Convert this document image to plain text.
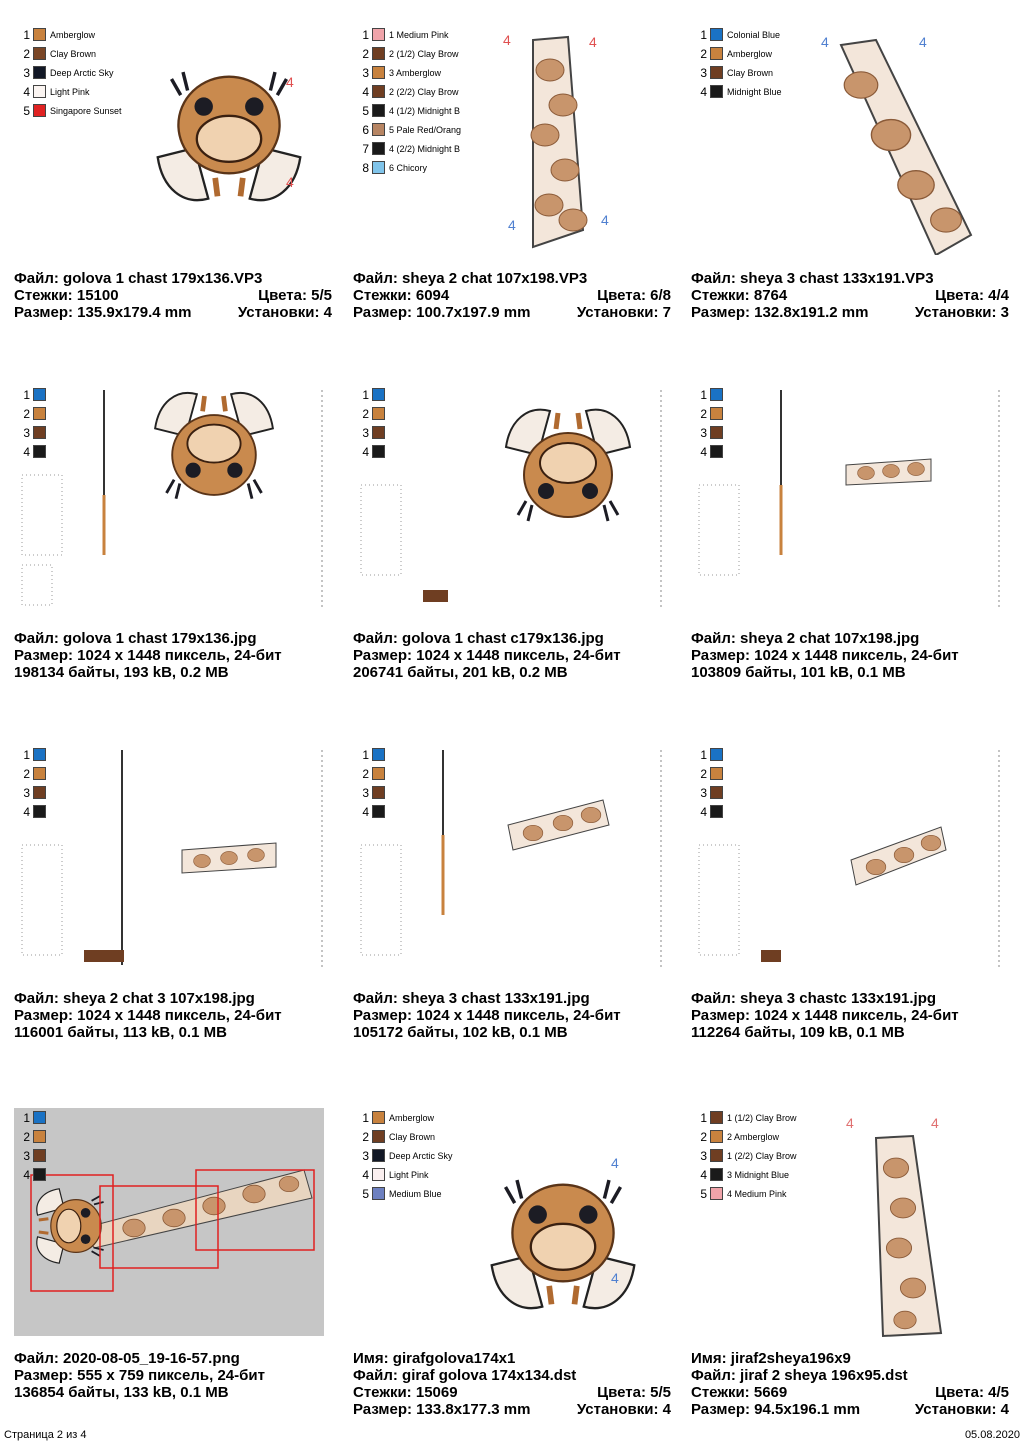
4
4
1 Amberglow
2 Clay Brown
3 Deep Arctic Sky
4 Light Pink
5 Singapore Sunset
Файл: golova 1 chast 179x136.VP3
Стежки: 15100	Цвета: 5/5
Размер: 135.9x179.4 mm	Установки: 4
4	4
4	4
1 1 Medium Pink
2 2 (1/2) Clay Brow
3 3 Amberglow
4 2 (2/2) Clay Brow
5 4 (1/2) Midnight B
6 5 Pale Red/Orang
7 4 (2/2) Midnight B
8 6 Chicory
Файл: sheya 2 chat 107x198.VP3
Стежки: 6094	Цвета: 6/8
Размер: 100.7x197.9 mm	Установки: 7
4	4
1 Colonial Blue
2 Amberglow
3 Clay Brown
4 Midnight Blue
Файл: sheya 3 chast 133x191.VP3
Стежки: 8764	Цвета: 4/4
Размер: 132.8x191.2 mm	Установки: 3
1
2
3
4
Файл: golova 1 chast 179x136.jpg
Размер: 1024 x 1448 пиксель, 24-бит
198134 байты, 193 kB, 0.2 MB
1
2
3
4
Файл: golova 1 chast c179x136.jpg
Размер: 1024 x 1448 пиксель, 24-бит
206741 байты, 201 kB, 0.2 MB
1
2
3
4
Файл: sheya 2 chat 107x198.jpg
Размер: 1024 x 1448 пиксель, 24-бит
103809 байты, 101 kB, 0.1 MB
1
2
3
4
Файл: sheya 2 chat 3 107x198.jpg
Размер: 1024 x 1448 пиксель, 24-бит
116001 байты, 113 kB, 0.1 MB
1
2
3
4
Файл: sheya 3 chast 133x191.jpg
Размер: 1024 x 1448 пиксель, 24-бит
105172 байты, 102 kB, 0.1 MB
1
2
3
4
Файл: sheya 3 chastc 133x191.jpg
Размер: 1024 x 1448 пиксель, 24-бит
112264 байты, 109 kB, 0.1 MB
1
2
3
4
Файл: 2020-08-05_19-16-57.png
Размер: 555 x 759 пиксель, 24-бит
136854 байты, 133 kB, 0.1 MB
4
4
1 Amberglow
2 Clay Brown
3 Deep Arctic Sky
4 Light Pink
5 Medium Blue
Имя: girafgolova174x1
Файл: giraf golova 174x134.dst
Стежки: 15069	Цвета: 5/5
Размер: 133.8x177.3 mm	Установки: 4
4	4
1 1 (1/2) Clay Brow
2 2 Amberglow
3 1 (2/2) Clay Brow
4 3 Midnight Blue
5 4 Medium Pink
Имя: jiraf2sheya196x9
Файл: jiraf 2 sheya 196x95.dst
Стежки: 5669	Цвета: 4/5
Размер: 94.5x196.1 mm	Установки: 4
Страница 2 из 4	05.08.2020
